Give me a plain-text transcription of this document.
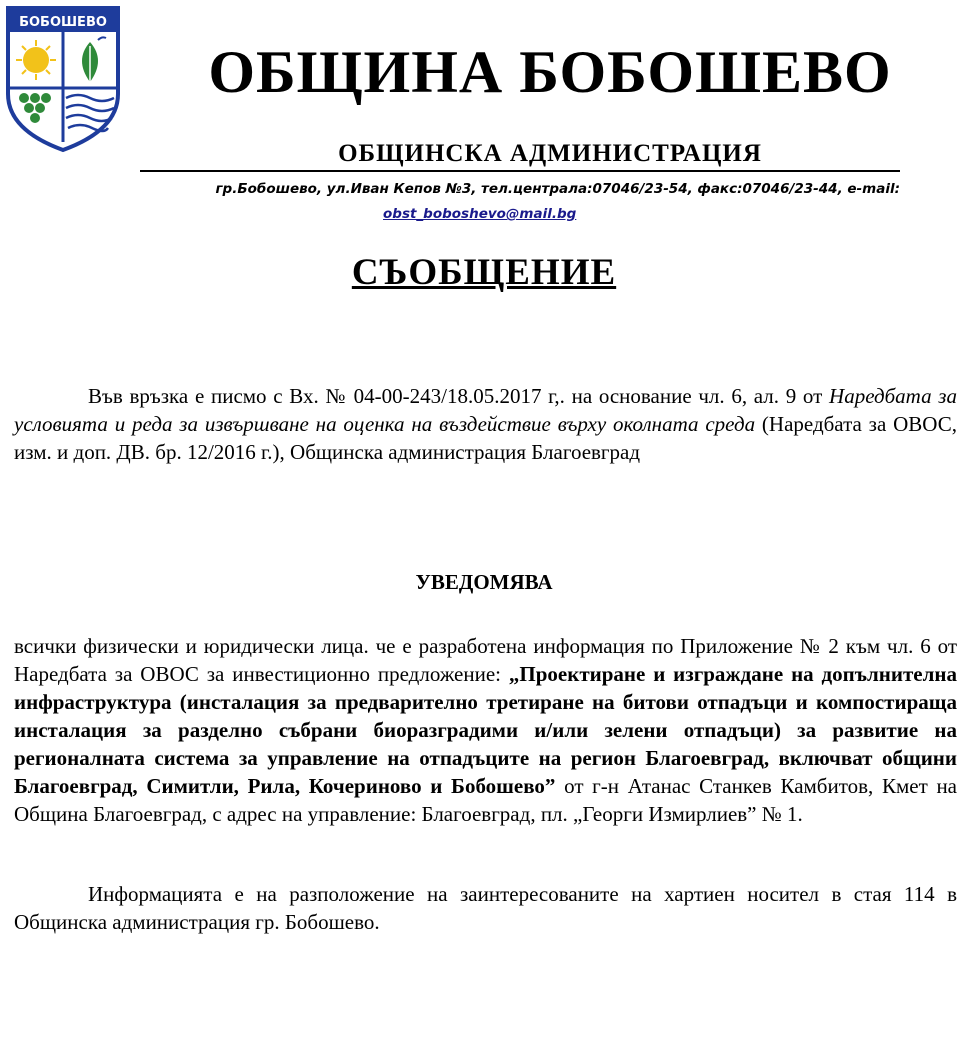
БОБОШЕВО
ОБЩИНА БОБОШЕВО
ОБЩИНСКА АДМИНИСТРАЦИЯ
гр.Бобошево, ул.Иван Кепов №3, тел.централа:07046/23-54, факс:07046/23-44, e-mail:
obst_boboshevo@mail.bg
СЪОБЩЕНИЕ
Във връзка е писмо с Вх. № 04-00-243/18.05.2017 г,. на основание чл. 6, ал. 9 от Наредбата за условията и реда за извършване на оценка на въздействие върху околната среда (Наредбата за ОВОС, изм. и доп. ДВ. бр. 12/2016 г.), Общинска администрация Благоевград
УВЕДОМЯВА
всички физически и юридически лица. че е разработена информация по Приложение № 2 към чл. 6 от Наредбата за ОВОС за инвестиционно предложение: „Проектиране и изграждане на допълнителна инфраструктура (инсталация за предварително третиране на битови отпадъци и компостираща инсталация за разделно събрани биоразградими и/или зелени отпадъци) за развитие на регионалната система за управление на отпадъците на регион Благоевград, включват общини Благоевград, Симитли, Рила, Кочериново и Бобошево” от г-н Атанас Станкев Камбитов, Кмет на Община Благоевград, с адрес на управление: Благоевград, пл. „Георги Измирлиев” № 1.
Информацията е на разположение на заинтересованите на хартиен носител в стая 114 в Общинска администрация гр. Бобошево.
